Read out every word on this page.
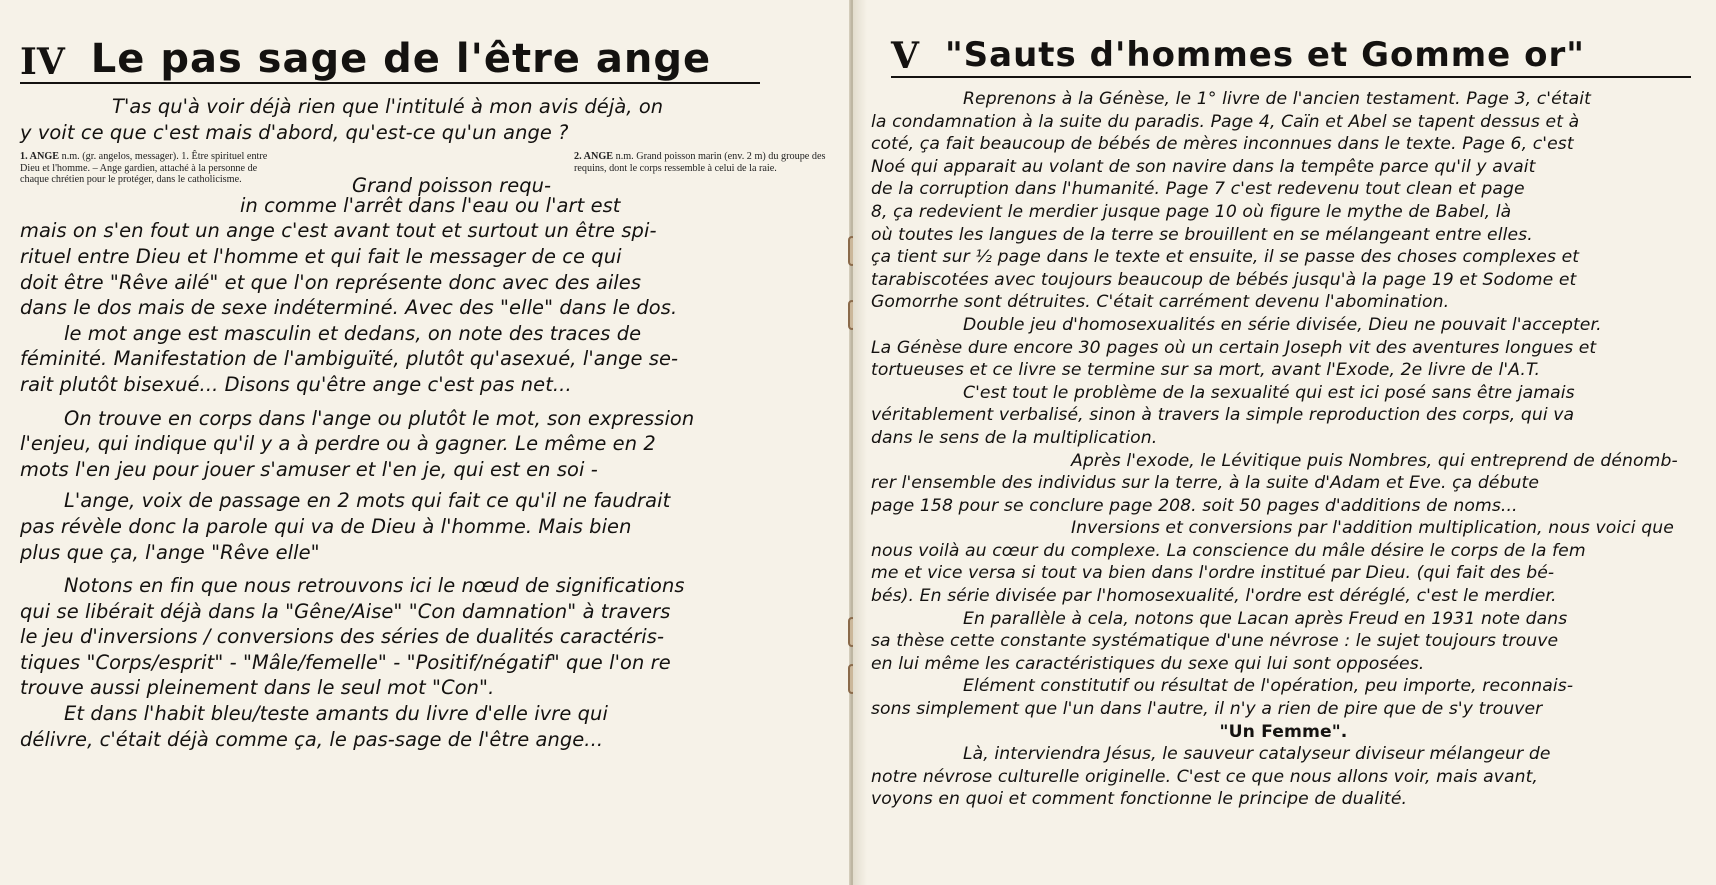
IV Le pas sage de l'être ange

T'as qu'à voir déjà rien que l'intitulé à mon avis déjà, on

y voit ce que c'est mais d'abord, qu'est-ce qu'un ange ?

1. ANGE n.m. (gr. angelos, messager). 1. Être spirituel entre Dieu et l'homme. – Ange gardien, attaché à la personne de chaque chrétien pour le protéger, dans le catholicisme.	Grand poisson requ-

2. ANGE n.m. Grand poisson marin (env. 2 m) du groupe des requins, dont le corps ressemble à celui de la raie.

in comme l'arrêt dans l'eau ou l'art est

mais on s'en fout un ange c'est avant tout et surtout un être spi-

rituel entre Dieu et l'homme et qui fait le messager de ce qui

doit être "Rêve ailé" et que l'on représente donc avec des ailes

dans le dos mais de sexe indéterminé. Avec des "elle" dans le dos.

le mot ange est masculin et dedans, on note des traces de

féminité. Manifestation de l'ambiguïté, plutôt qu'asexué, l'ange se-

rait plutôt bisexué... Disons qu'être ange c'est pas net...

On trouve en corps dans l'ange ou plutôt le mot, son expression

l'enjeu, qui indique qu'il y a à perdre ou à gagner. Le même en 2

mots l'en jeu pour jouer s'amuser et l'en je, qui est en soi -

L'ange, voix de passage en 2 mots qui fait ce qu'il ne faudrait

pas révèle donc la parole qui va de Dieu à l'homme. Mais bien

plus que ça, l'ange "Rêve elle"

Notons en fin que nous retrouvons ici le nœud de significations

qui se libérait déjà dans la "Gêne/Aise" "Con damnation" à travers

le jeu d'inversions / conversions des séries de dualités caractéris-

tiques "Corps/esprit" - "Mâle/femelle" - "Positif/négatif" que l'on re

trouve aussi pleinement dans le seul mot "Con".

Et dans l'habit bleu/teste amants du livre d'elle ivre qui

délivre, c'était déjà comme ça, le pas-sage de l'être ange...

V "Sauts d'hommes et Gomme or"

Reprenons à la Génèse, le 1° livre de l'ancien testament. Page 3, c'était

la condamnation à la suite du paradis. Page 4, Caïn et Abel se tapent dessus et à

coté, ça fait beaucoup de bébés de mères inconnues dans le texte. Page 6, c'est

Noé qui apparait au volant de son navire dans la tempête parce qu'il y avait

de la corruption dans l'humanité. Page 7 c'est redevenu tout clean et page

8, ça redevient le merdier jusque page 10 où figure le mythe de Babel, là

où toutes les langues de la terre se brouillent en se mélangeant entre elles.

ça tient sur ½ page dans le texte et ensuite, il se passe des choses complexes et

tarabiscotées avec toujours beaucoup de bébés jusqu'à la page 19 et Sodome et

Gomorrhe sont détruites. C'était carrément devenu l'abomination.

Double jeu d'homosexualités en série divisée, Dieu ne pouvait l'accepter.

La Génèse dure encore 30 pages où un certain Joseph vit des aventures longues et

tortueuses et ce livre se termine sur sa mort, avant l'Exode, 2e livre de l'A.T.

C'est tout le problème de la sexualité qui est ici posé sans être jamais

véritablement verbalisé, sinon à travers la simple reproduction des corps, qui va

dans le sens de la multiplication.

Après l'exode, le Lévitique puis Nombres, qui entreprend de dénomb-

rer l'ensemble des individus sur la terre, à la suite d'Adam et Eve. ça débute

page 158 pour se conclure page 208. soit 50 pages d'additions de noms...

Inversions et conversions par l'addition multiplication, nous voici que

nous voilà au cœur du complexe. La conscience du mâle désire le corps de la fem

me et vice versa si tout va bien dans l'ordre institué par Dieu. (qui fait des bé-

bés). En série divisée par l'homosexualité, l'ordre est déréglé, c'est le merdier.

En parallèle à cela, notons que Lacan après Freud en 1931 note dans

sa thèse cette constante systématique d'une névrose : le sujet toujours trouve

en lui même les caractéristiques du sexe qui lui sont opposées.

Elément constitutif ou résultat de l'opération, peu importe, reconnais-

sons simplement que l'un dans l'autre, il n'y a rien de pire que de s'y trouver

"Un Femme".

Là, interviendra Jésus, le sauveur catalyseur diviseur mélangeur de

notre névrose culturelle originelle. C'est ce que nous allons voir, mais avant,

voyons en quoi et comment fonctionne le principe de dualité.
